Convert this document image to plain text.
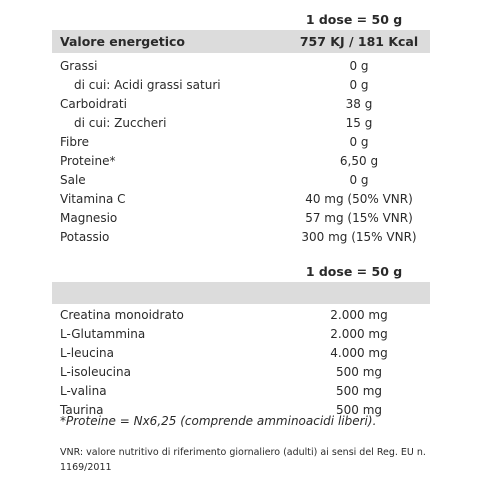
1 dose = 50 g
Valore energetico	757 KJ / 181 Kcal
Grassi	0 g
di cui: Acidi grassi saturi	0 g
Carboidrati	38 g
di cui: Zuccheri	15 g
Fibre	0 g
Proteine*	6,50 g
Sale	0 g
Vitamina C	40 mg (50% VNR)
Magnesio	57 mg (15% VNR)
Potassio	300 mg (15% VNR)
1 dose = 50 g
Creatina monoidrato	2.000 mg
L-Glutammina	2.000 mg
L-leucina	4.000 mg
L-isoleucina	500 mg
L-valina	500 mg
Taurina	500 mg
*Proteine = Nx6,25 (comprende amminoacidi liberi).
VNR: valore nutritivo di riferimento giornaliero (adulti) ai sensi del Reg. EU n. 1169/2011
